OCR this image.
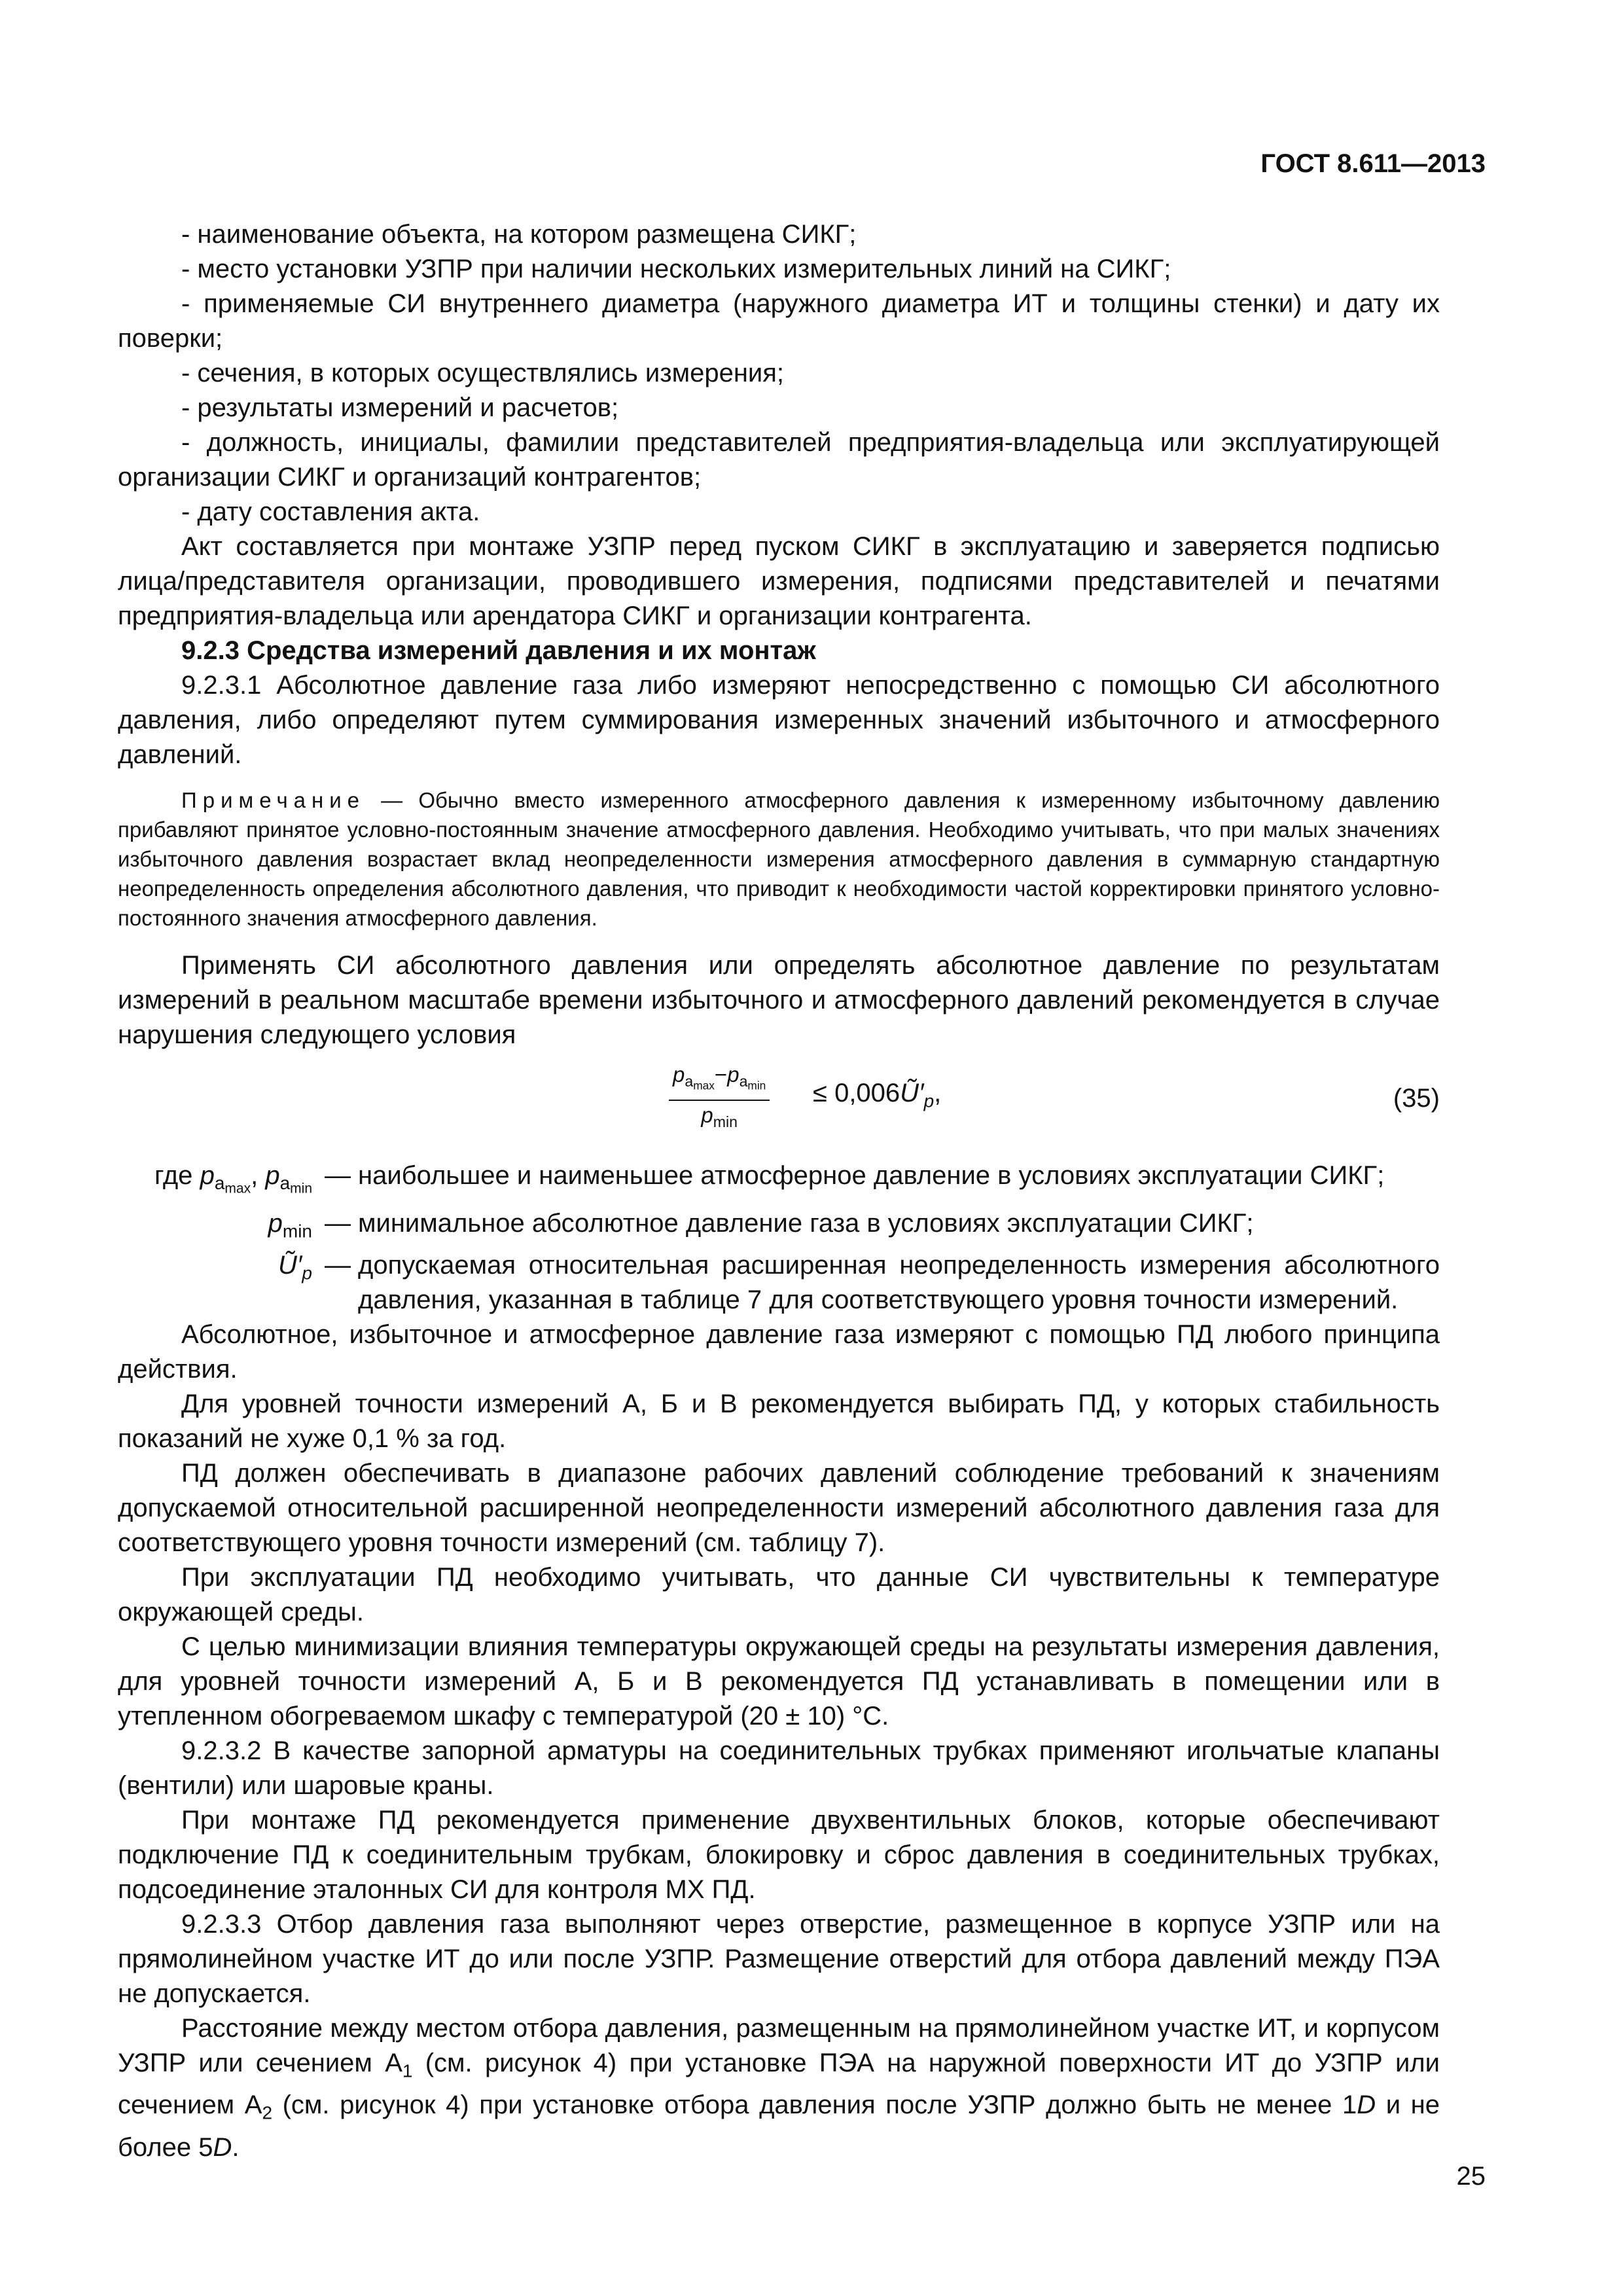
ГОСТ 8.611—2013

- наименование объекта, на котором размещена СИКГ;

- место установки УЗПР при наличии нескольких измерительных линий на СИКГ;

- применяемые СИ внутреннего диаметра (наружного диаметра ИТ и толщины стенки) и дату их поверки;

- сечения, в которых осуществлялись измерения;

- результаты измерений и расчетов;

- должность, инициалы, фамилии представителей предприятия-владельца или эксплуатирующей организации СИКГ и организаций контрагентов;

- дату составления акта.

Акт составляется при монтаже УЗПР перед пуском СИКГ в эксплуатацию и заверяется подписью лица/представителя организации, проводившего измерения, подписями представителей и печатями предприятия-владельца или арендатора СИКГ и организации контрагента.

9.2.3 Средства измерений давления и их монтаж

9.2.3.1 Абсолютное давление газа либо измеряют непосредственно с помощью СИ абсолютного давления, либо определяют путем суммирования измеренных значений избыточного и атмосферного давлений.

Примечание — Обычно вместо измеренного атмосферного давления к измеренному избыточному давлению прибавляют принятое условно-постоянным значение атмосферного давления. Необходимо учитывать, что при малых значениях избыточного давления возрастает вклад неопределенности измерения атмосферного давления в суммарную стандартную неопределенность определения абсолютного давления, что приводит к необходимости частой корректировки принятого условно-постоянного значения атмосферного давления.

Применять СИ абсолютного давления или определять абсолютное давление по результатам измерений в реальном масштабе времени избыточного и атмосферного давлений рекомендуется в случае нарушения следующего условия

$p_{amax}-p_{amin}$
$p_{min}$
≤ $0,006Ũ'_p$,	(35)
где $p_{amax}$, $p_{amin}$ — наибольшее и наименьшее атмосферное давление в условиях эксплуатации СИКГ;
$p_{min}$ — минимальное абсолютное давление газа в условиях эксплуатации СИКГ;
$Ũ'_p$ — допускаемая относительная расширенная неопределенность измерения абсолютного давления, указанная в таблице 7 для соответствующего уровня точности измерений.

Абсолютное, избыточное и атмосферное давление газа измеряют с помощью ПД любого принципа действия.

Для уровней точности измерений А, Б и В рекомендуется выбирать ПД, у которых стабильность показаний не хуже 0,1 % за год.

ПД должен обеспечивать в диапазоне рабочих давлений соблюдение требований к значениям допускаемой относительной расширенной неопределенности измерений абсолютного давления газа для соответствующего уровня точности измерений (см. таблицу 7).

При эксплуатации ПД необходимо учитывать, что данные СИ чувствительны к температуре окружающей среды.

С целью минимизации влияния температуры окружающей среды на результаты измерения давления, для уровней точности измерений А, Б и В рекомендуется ПД устанавливать в помещении или в утепленном обогреваемом шкафу с температурой (20 ± 10) °С.

9.2.3.2 В качестве запорной арматуры на соединительных трубках применяют игольчатые клапаны (вентили) или шаровые краны.

При монтаже ПД рекомендуется применение двухвентильных блоков, которые обеспечивают подключение ПД к соединительным трубкам, блокировку и сброс давления в соединительных трубках, подсоединение эталонных СИ для контроля МХ ПД.

9.2.3.3 Отбор давления газа выполняют через отверстие, размещенное в корпусе УЗПР или на прямолинейном участке ИТ до или после УЗПР. Размещение отверстий для отбора давлений между ПЭА не допускается.

Расстояние между местом отбора давления, размещенным на прямолинейном участке ИТ, и корпусом УЗПР или сечением $А_1$ (см. рисунок 4) при установке ПЭА на наружной поверхности ИТ до УЗПР или сечением $А_2$ (см. рисунок 4) при установке отбора давления после УЗПР должно быть не менее 1D и не более 5D.

25
